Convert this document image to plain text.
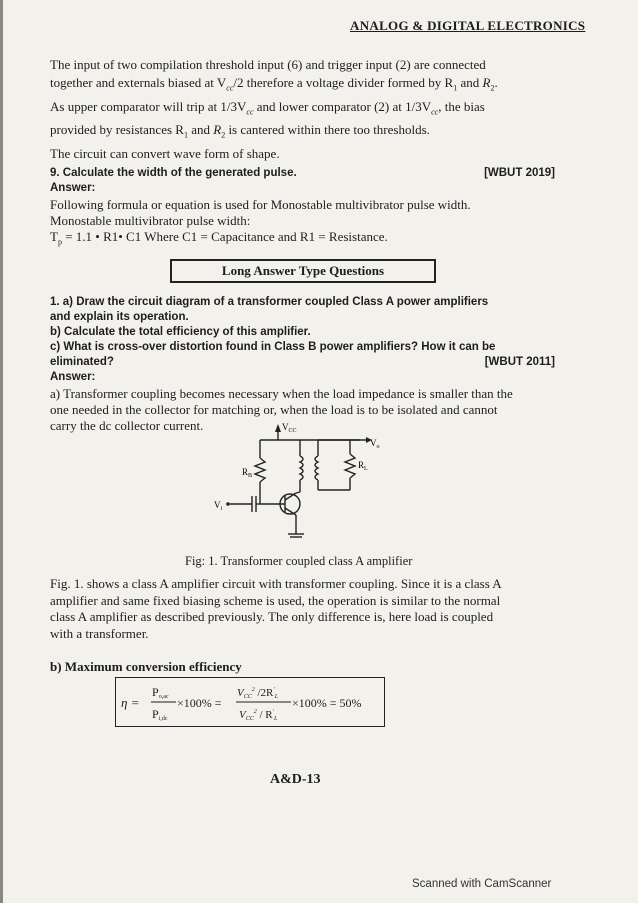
ANALOG & DIGITAL ELECTRONICS

The input of two compilation threshold input (6) and trigger input (2) are connected

together and externals biased at $V_{cc}/2$ therefore a voltage divider formed by $R_1$ and $R_2$.

As upper comparator will trip at $1/3V_{cc}$ and lower comparator (2) at $1/3V_{cc}$, the bias

provided by resistances $R_1$ and $R_2$ is cantered within there too thresholds.

The circuit can convert wave form of shape.

9. Calculate the width of the generated pulse.	[WBUT 2019]
Answer:
Following formula or equation is used for Monostable multivibrator pulse width.
Monostable multivibrator pulse width:
$T_p = 1.1$ • R1• C1 Where C1 = Capacitance and R1 = Resistance.
Long Answer Type Questions
1. a) Draw the circuit diagram of a transformer coupled Class A power amplifiers
and explain its operation.
b) Calculate the total efficiency of this amplifier.
c) What is cross-over distortion found in Class B power amplifiers? How it can be
eliminated?	[WBUT 2011]
Answer:
a) Transformer coupling becomes necessary when the load impedance is smaller than the
one needed in the collector for matching or, when the load is to be isolated and cannot
carry the dc collector current.	$V_{CC}$
$V_o$
$R_B$
$R_L$
$V_i$
Fig: 1. Transformer coupled class A amplifier
Fig. 1. shows a class A amplifier circuit with transformer coupling. Since it is a class A
amplifier and same fixed biasing scheme is used, the operation is similar to the normal
class A amplifier as described previously. The only difference is, here load is coupled
with a transformer.
b) Maximum conversion efficiency
η =
Po,ac
Pi,dc
×100% =
$VCC^2$ $/2R'_L$
$VCC^2 / R'_L$
×100% = 50%
A&D-13
Scanned with CamScanner
